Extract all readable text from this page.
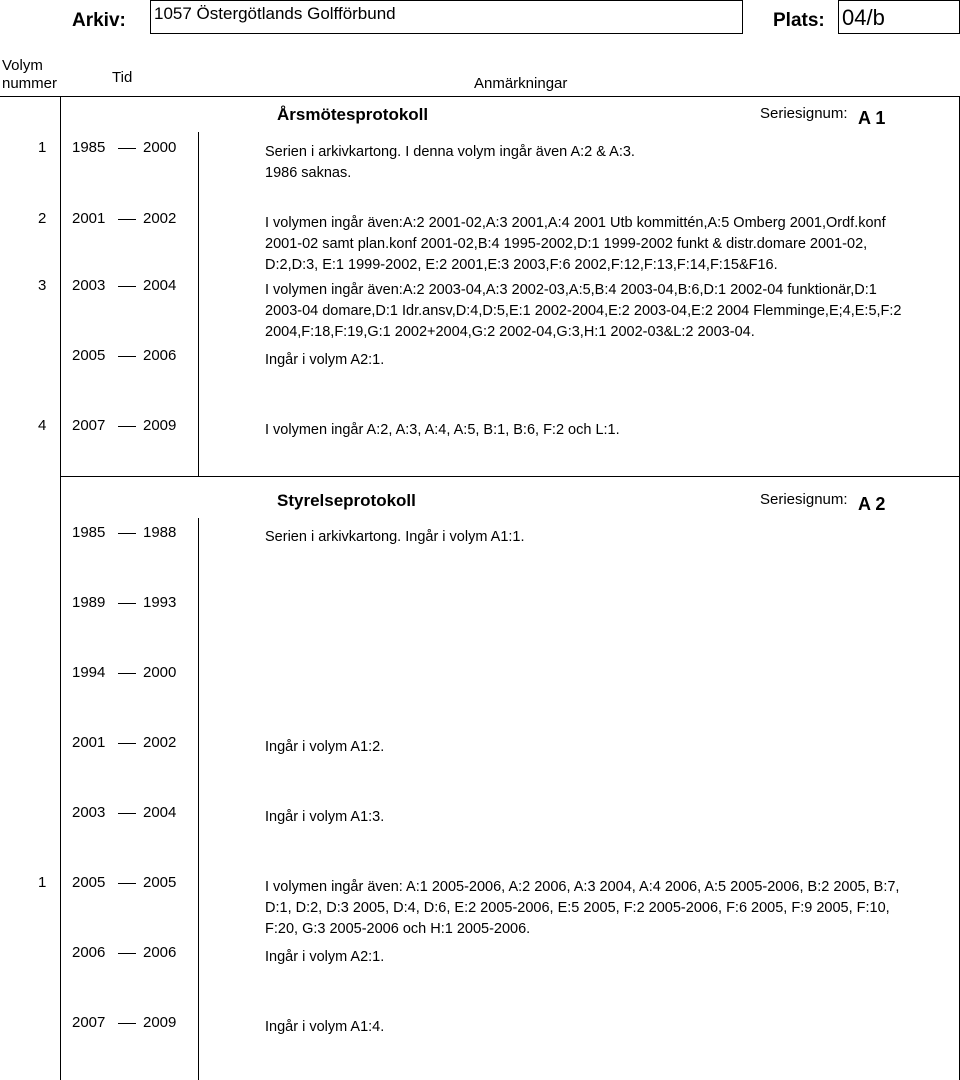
Arkiv: 1057 Östergötlands Golfförbund	Plats: 04/b
Volym
nummer	Tid	Anmärkningar
Årsmötesprotokoll	Seriesignum: A 1
1 1985	2000	Serien i arkivkartong. I denna volym ingår även A:2 & A:3.
1986 saknas.
2 2001	2002	I volymen ingår även:A:2 2001-02,A:3 2001,A:4 2001 Utb kommittén,A:5 Omberg 2001,Ordf.konf
2001-02 samt plan.konf 2001-02,B:4 1995-2002,D:1 1999-2002 funkt & distr.domare 2001-02,
D:2,D:3, E:1 1999-2002, E:2 2001,E:3 2003,F:6 2002,F:12,F:13,F:14,F:15&F16.
3 2003	2004	I volymen ingår även:A:2 2003-04,A:3 2002-03,A:5,B:4 2003-04,B:6,D:1 2002-04 funktionär,D:1
2003-04 domare,D:1 Idr.ansv,D:4,D:5,E:1 2002-2004,E:2 2003-04,E:2 2004 Flemminge,E;4,E:5,F:2
2004,F:18,F:19,G:1 2002+2004,G:2 2002-04,G:3,H:1 2002-03&L:2 2003-04.
2005	2006	Ingår i volym A2:1.
4 2007	2009	I volymen ingår A:2, A:3, A:4, A:5, B:1, B:6, F:2 och L:1.
Styrelseprotokoll	Seriesignum: A 2
1985	1988	Serien i arkivkartong. Ingår i volym A1:1.
1989	1993
1994	2000
2001	2002	Ingår i volym A1:2.
2003	2004	Ingår i volym A1:3.
1 2005	2005	I volymen ingår även: A:1 2005-2006, A:2 2006, A:3 2004, A:4 2006, A:5 2005-2006, B:2 2005, B:7,
D:1, D:2, D:3 2005, D:4, D:6, E:2 2005-2006, E:5 2005, F:2 2005-2006, F:6 2005, F:9 2005, F:10,
F:20, G:3 2005-2006 och H:1 2005-2006.
2006	2006	Ingår i volym A2:1.
2007	2009	Ingår i volym A1:4.
